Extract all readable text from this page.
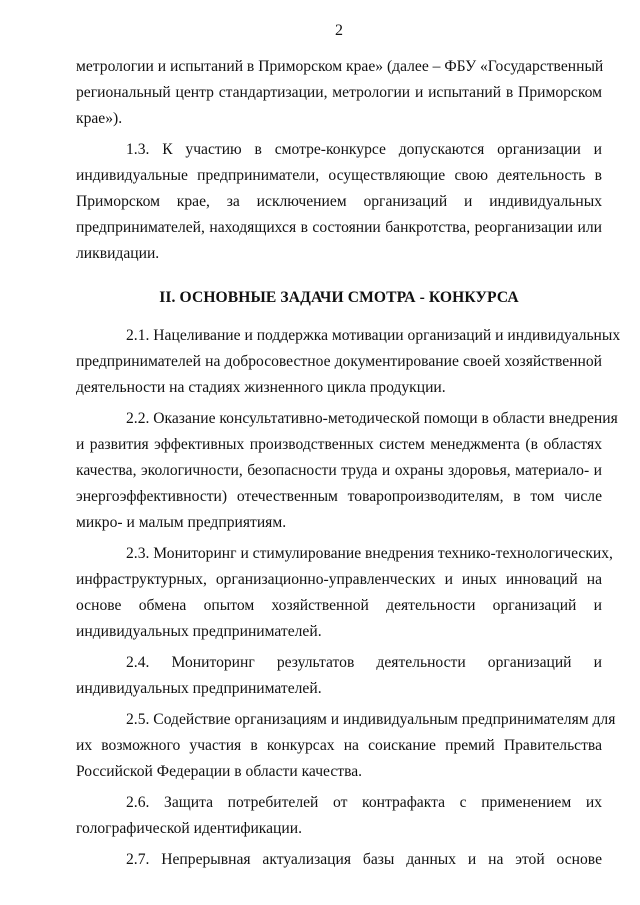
2
метрологии и испытаний в Приморском крае» (далее – ФБУ «Государственный
региональный центр стандартизации, метрологии и испытаний в Приморском
крае»).
1.3. К участию в смотре-конкурсе допускаются организации и
индивидуальные предприниматели, осуществляющие свою деятельность в
Приморском крае, за исключением организаций и индивидуальных
предпринимателей, находящихся в состоянии банкротства, реорганизации или
ликвидации.
II. ОСНОВНЫЕ ЗАДАЧИ СМОТРА - КОНКУРСА
2.1. Нацеливание и поддержка мотивации организаций и индивидуальных
предпринимателей на добросовестное документирование своей хозяйственной
деятельности на стадиях жизненного цикла продукции.
2.2. Оказание консультативно-методической помощи в области внедрения
и развития эффективных производственных систем менеджмента (в областях
качества, экологичности, безопасности труда и охраны здоровья, материало- и
энергоэффективности) отечественным товаропроизводителям, в том числе
микро- и малым предприятиям.
2.3. Мониторинг и стимулирование внедрения технико-технологических,
инфраструктурных, организационно-управленческих и иных инноваций на
основе обмена опытом хозяйственной деятельности организаций и
индивидуальных предпринимателей.
2.4. Мониторинг результатов деятельности организаций и
индивидуальных предпринимателей.
2.5. Содействие организациям и индивидуальным предпринимателям для
их возможного участия в конкурсах на соискание премий Правительства
Российской Федерации в области качества.
2.6. Защита потребителей от контрафакта с применением их
голографической идентификации.
2.7. Непрерывная актуализация базы данных и на этой основе
